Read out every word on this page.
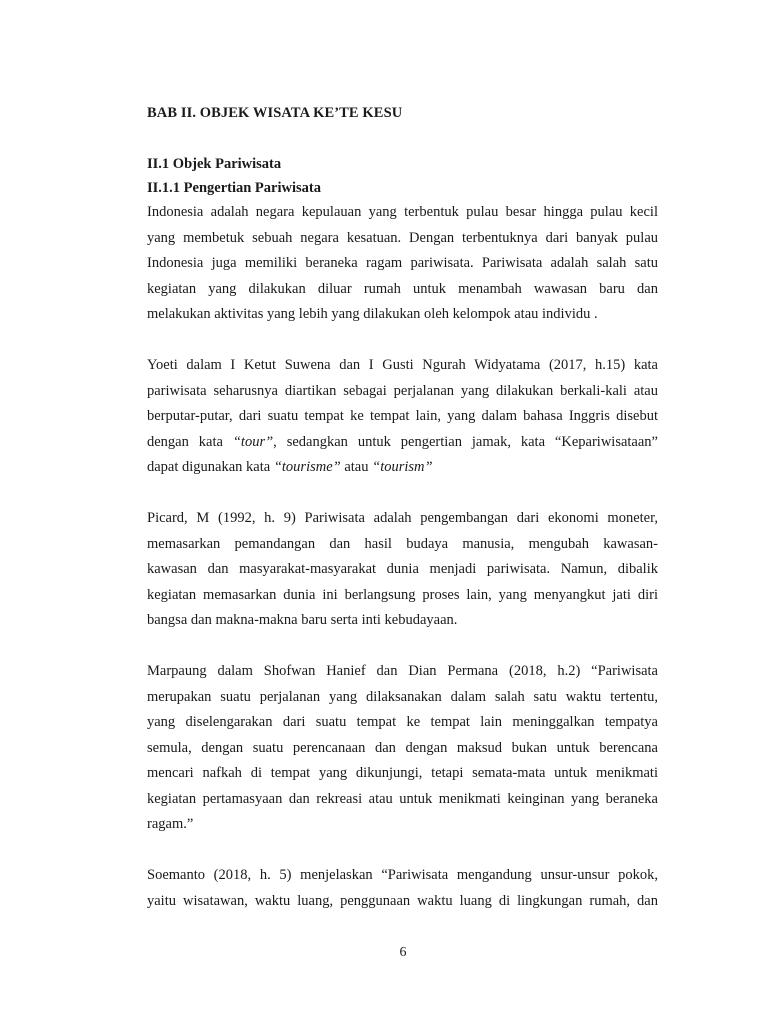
BAB II. OBJEK WISATA KE’TE KESU
II.1 Objek Pariwisata
II.1.1 Pengertian Pariwisata
Indonesia adalah negara kepulauan yang terbentuk pulau besar hingga pulau kecil
yang membetuk sebuah negara kesatuan. Dengan terbentuknya dari banyak pulau
Indonesia juga memiliki beraneka ragam pariwisata. Pariwisata adalah salah satu
kegiatan yang dilakukan diluar rumah untuk menambah wawasan baru dan
melakukan aktivitas yang lebih yang dilakukan oleh kelompok atau individu .
Yoeti dalam I Ketut Suwena dan I Gusti Ngurah Widyatama (2017, h.15) kata
pariwisata seharusnya diartikan sebagai perjalanan yang dilakukan berkali-kali atau
berputar-putar, dari suatu tempat ke tempat lain, yang dalam bahasa Inggris disebut
dengan kata “tour”, sedangkan untuk pengertian jamak, kata “Kepariwisataan”
dapat digunakan kata “tourisme” atau “tourism”
Picard, M (1992, h. 9) Pariwisata adalah pengembangan dari ekonomi moneter,
memasarkan pemandangan dan hasil budaya manusia, mengubah kawasan-
kawasan dan masyarakat-masyarakat dunia menjadi pariwisata. Namun, dibalik
kegiatan memasarkan dunia ini berlangsung proses lain, yang menyangkut jati diri
bangsa dan makna-makna baru serta inti kebudayaan.
Marpaung dalam Shofwan Hanief dan Dian Permana (2018, h.2) “Pariwisata
merupakan suatu perjalanan yang dilaksanakan dalam salah satu waktu tertentu,
yang diselengarakan dari suatu tempat ke tempat lain meninggalkan tempatya
semula, dengan suatu perencanaan dan dengan maksud bukan untuk berencana
mencari nafkah di tempat yang dikunjungi, tetapi semata-mata untuk menikmati
kegiatan pertamasyaan dan rekreasi atau untuk menikmati keinginan yang beraneka
ragam.”
Soemanto (2018, h. 5) menjelaskan “Pariwisata mengandung unsur-unsur pokok,
yaitu wisatawan, waktu luang, penggunaan waktu luang di lingkungan rumah, dan
6
